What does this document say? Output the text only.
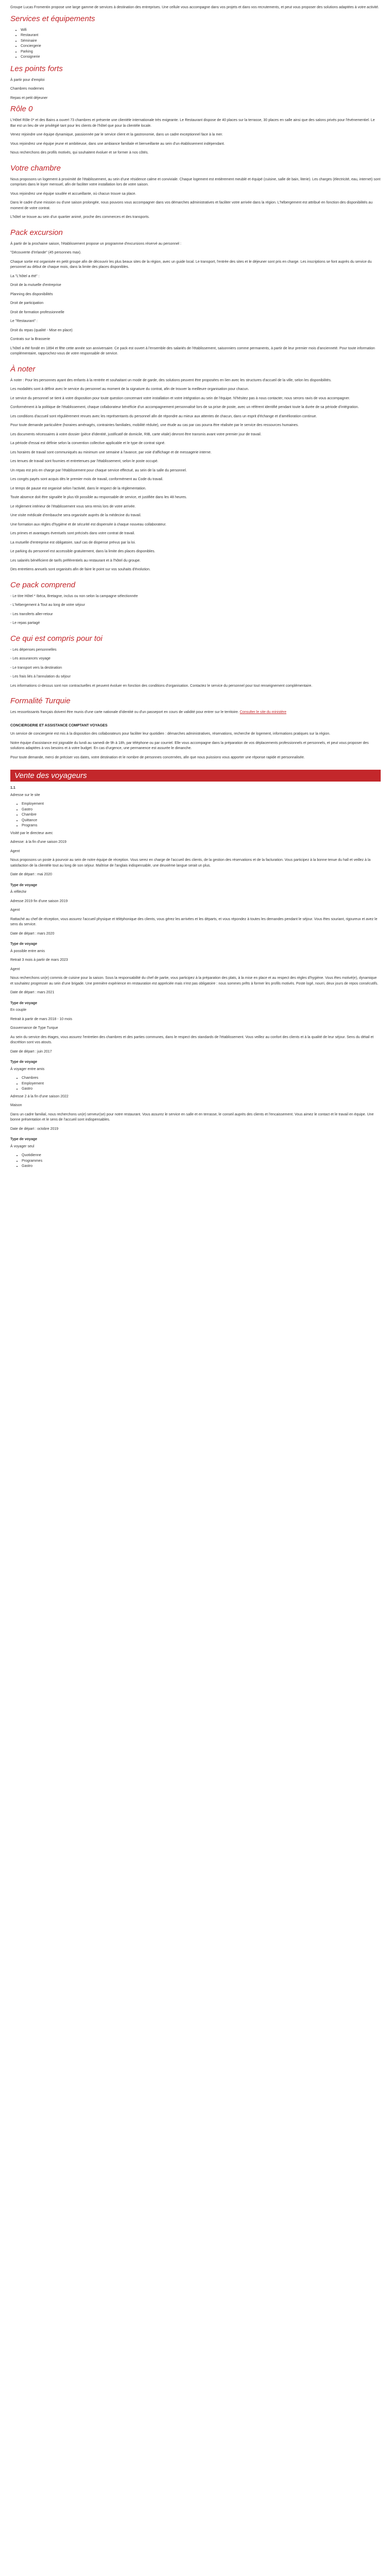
Groupe Lucas Fromentin propose une large gamme de services à destination des entreprises. Une cellule vous accompagne dans vos projets et dans vos recrutements, et peut vous proposer des solutions adaptées à votre activité.

Services et équipements
• Wifi
• Restaurant
• Séminaire
• Conciergerie
• Parking
• Consignerie
Les points forts

À partir pour d'emploi

Chambres modernes

Repas et petit déjeuner

Rôle 0

L'Hôtel Rôle 0* et des Bains a ouvert 73 chambres et présente une clientèle internationale très exigeante. Le Restaurant dispose de 40 places sur la terrasse, 30 places en salle ainsi que des salons privés pour l'événementiel. Le Bar est un lieu de vie privilégié tant pour les clients de l'hôtel que pour la clientèle locale.

Venez rejoindre une équipe dynamique, passionnée par le service client et la gastronomie, dans un cadre exceptionnel face à la mer.

Vous rejoindrez une équipe jeune et ambitieuse, dans une ambiance familiale et bienveillante au sein d'un établissement indépendant.

Nous recherchons des profils motivés, qui souhaitent évoluer et se former à nos côtés.

Votre chambre

Nous proposons un logement à proximité de l'établissement, au sein d'une résidence calme et conviviale. Chaque logement est entièrement meublé et équipé (cuisine, salle de bain, literie). Les charges (électricité, eau, internet) sont comprises dans le loyer mensuel, afin de faciliter votre installation lors de votre saison.

Vous rejoindrez une équipe soudée et accueillante, où chacun trouve sa place.

Dans le cadre d'une mission ou d'une saison prolongée, nous pouvons vous accompagner dans vos démarches administratives et faciliter votre arrivée dans la région. L'hébergement est attribué en fonction des disponibilités au moment de votre contrat.

L'hôtel se trouve au sein d'un quartier animé, proche des commerces et des transports.

Pack excursion

À partir de la prochaine saison, l'établissement propose un programme d'excursions réservé au personnel :

"Découverte d'Irrlande" (45 personnes max).

Chaque sortie est organisée en petit groupe afin de découvrir les plus beaux sites de la région, avec un guide local. Le transport, l'entrée des sites et le déjeuner sont pris en charge. Les inscriptions se font auprès du service du personnel au début de chaque mois, dans la limite des places disponibles.

La "L'hôtel a été" :

Droit de la mutuelle d'entreprise

Planning des disponibilités

Droit de participation

Droit de formation professionnelle

Le "Restaurant" :

Droit du repas (qualité - Mise en place)

Contrats sur la Brasserie

L'hôtel a été fondé en 1894 et fête cette année son anniversaire. Ce pack est ouvert à l'ensemble des salariés de l'établissement, saisonniers comme permanents, à partir de leur premier mois d'ancienneté. Pour toute information complémentaire, rapprochez-vous de votre responsable de service.

À noter

À noter : Pour les personnes ayant des enfants à la rentrée et souhaitant un mode de garde, des solutions peuvent être proposées en lien avec les structures d'accueil de la ville, selon les disponibilités.

Les modalités sont à définir avec le service du personnel au moment de la signature du contrat, afin de trouver la meilleure organisation pour chacun.

Le service du personnel se tient à votre disposition pour toute question concernant votre installation et votre intégration au sein de l'équipe. N'hésitez pas à nous contacter, nous serons ravis de vous accompagner.

Conformément à la politique de l'établissement, chaque collaborateur bénéficie d'un accompagnement personnalisé lors de sa prise de poste, avec un référent identifié pendant toute la durée de sa période d'intégration.

Les conditions d'accueil sont régulièrement revues avec les représentants du personnel afin de répondre au mieux aux attentes de chacun, dans un esprit d'échange et d'amélioration continue.

Pour toute demande particulière (horaires aménagés, contraintes familiales, mobilité réduite), une étude au cas par cas pourra être réalisée par le service des ressources humaines.

Les documents nécessaires à votre dossier (pièce d'identité, justificatif de domicile, RIB, carte vitale) devront être transmis avant votre premier jour de travail.

La période d'essai est définie selon la convention collective applicable et le type de contrat signé.

Les horaires de travail sont communiqués au minimum une semaine à l'avance, par voie d'affichage et de messagerie interne.

Les tenues de travail sont fournies et entretenues par l'établissement, selon le poste occupé.

Un repas est pris en charge par l'établissement pour chaque service effectué, au sein de la salle du personnel.

Les congés payés sont acquis dès le premier mois de travail, conformément au Code du travail.

Le temps de pause est organisé selon l'activité, dans le respect de la réglementation.

Toute absence doit être signalée le plus tôt possible au responsable de service, et justifiée dans les 48 heures.

Le règlement intérieur de l'établissement vous sera remis lors de votre arrivée.

Une visite médicale d'embauche sera organisée auprès de la médecine du travail.

Une formation aux règles d'hygiène et de sécurité est dispensée à chaque nouveau collaborateur.

Les primes et avantages éventuels sont précisés dans votre contrat de travail.

La mutuelle d'entreprise est obligatoire, sauf cas de dispense prévus par la loi.

Le parking du personnel est accessible gratuitement, dans la limite des places disponibles.

Les salariés bénéficient de tarifs préférentiels au restaurant et à l'hôtel du groupe.

Des entretiens annuels sont organisés afin de faire le point sur vos souhaits d'évolution.

Ce pack comprend

- Le titre Hôtel * Ibéca, Bretagne, inclus ou non selon la campagne sélectionnée

- L'hébergement à Tout au long de votre séjour

- Les transferts aller-retour

- Le repas partagé

Ce qui est compris pour toi

- Les dépenses personnelles

- Les assurances voyage

- Le transport vers la destination

- Les frais liés à l'annulation du séjour

Les informations ci-dessus sont non contractuelles et peuvent évoluer en fonction des conditions d'organisation. Contactez le service du personnel pour tout renseignement complémentaire.

Formalité Turquie

Les ressortissants français doivent être munis d'une carte nationale d'identité ou d'un passeport en cours de validité pour entrer sur le territoire. Consulter le site du ministère

CONCIERGERIE ET ASSISTANCE COMPTANT VOYAGES

Un service de conciergerie est mis à la disposition des collaborateurs pour faciliter leur quotidien : démarches administratives, réservations, recherche de logement, informations pratiques sur la région.

Notre équipe d'assistance est joignable du lundi au samedi de 9h à 18h, par téléphone ou par courriel. Elle vous accompagne dans la préparation de vos déplacements professionnels et personnels, et peut vous proposer des solutions adaptées à vos besoins et à votre budget. En cas d'urgence, une permanence est assurée le dimanche.

Pour toute demande, merci de préciser vos dates, votre destination et le nombre de personnes concernées, afin que nous puissions vous apporter une réponse rapide et personnalisée.

Vente des voyageurs

1.1

Adresse sur le site

• Employement
• Gastro
• Chambre
• Quittance
• Programs

Visité par le directeur avec

Adresse: à la fin d'une saison 2019

Agent

Nous proposons un poste à pourvoir au sein de notre équipe de réception. Vous serez en charge de l'accueil des clients, de la gestion des réservations et de la facturation. Vous participez à la bonne tenue du hall et veillez à la satisfaction de la clientèle tout au long de son séjour. Maîtrise de l'anglais indispensable, une deuxième langue serait un plus.

Date de départ : mai 2020

Type de voyage

À réfléchir

Adresse 2019 fin d'une saison 2019

Agent

Rattaché au chef de réception, vous assurez l'accueil physique et téléphonique des clients, vous gérez les arrivées et les départs, et vous répondez à toutes les demandes pendant le séjour. Vous êtes souriant, rigoureux et avez le sens du service.

Date de départ : mars 2020

Type de voyage

À possible entre amis

Retrait 3 mois à partir de mars 2023

Agent

Nous recherchons un(e) commis de cuisine pour la saison. Sous la responsabilité du chef de partie, vous participez à la préparation des plats, à la mise en place et au respect des règles d'hygiène. Vous êtes motivé(e), dynamique et souhaitez progresser au sein d'une brigade. Une première expérience en restauration est appréciée mais n'est pas obligatoire : nous sommes prêts à former les profils motivés. Poste logé, nourri, deux jours de repos consécutifs.

Date de départ : mars 2021

Type de voyage

En couple

Retrait à partir de mars 2018 - 10 mois

Gouvernance de Type Turque

Au sein du service des étages, vous assurez l'entretien des chambres et des parties communes, dans le respect des standards de l'établissement. Vous veillez au confort des clients et à la qualité de leur séjour. Sens du détail et discrétion sont vos atouts.

Date de départ : juin 2017

Type de voyage

À voyager entre amis

• Chambres
• Employement
• Gastro

Adresse 2 à la fin d'une saison 2022

Maison

Dans un cadre familial, nous recherchons un(e) serveur(se) pour notre restaurant. Vous assurez le service en salle et en terrasse, le conseil auprès des clients et l'encaissement. Vous aimez le contact et le travail en équipe. Une bonne présentation et le sens de l'accueil sont indispensables.

Date de départ : octobre 2019

Type de voyage

À voyager seul

• Quotidienne
• Programmes
• Gastro
